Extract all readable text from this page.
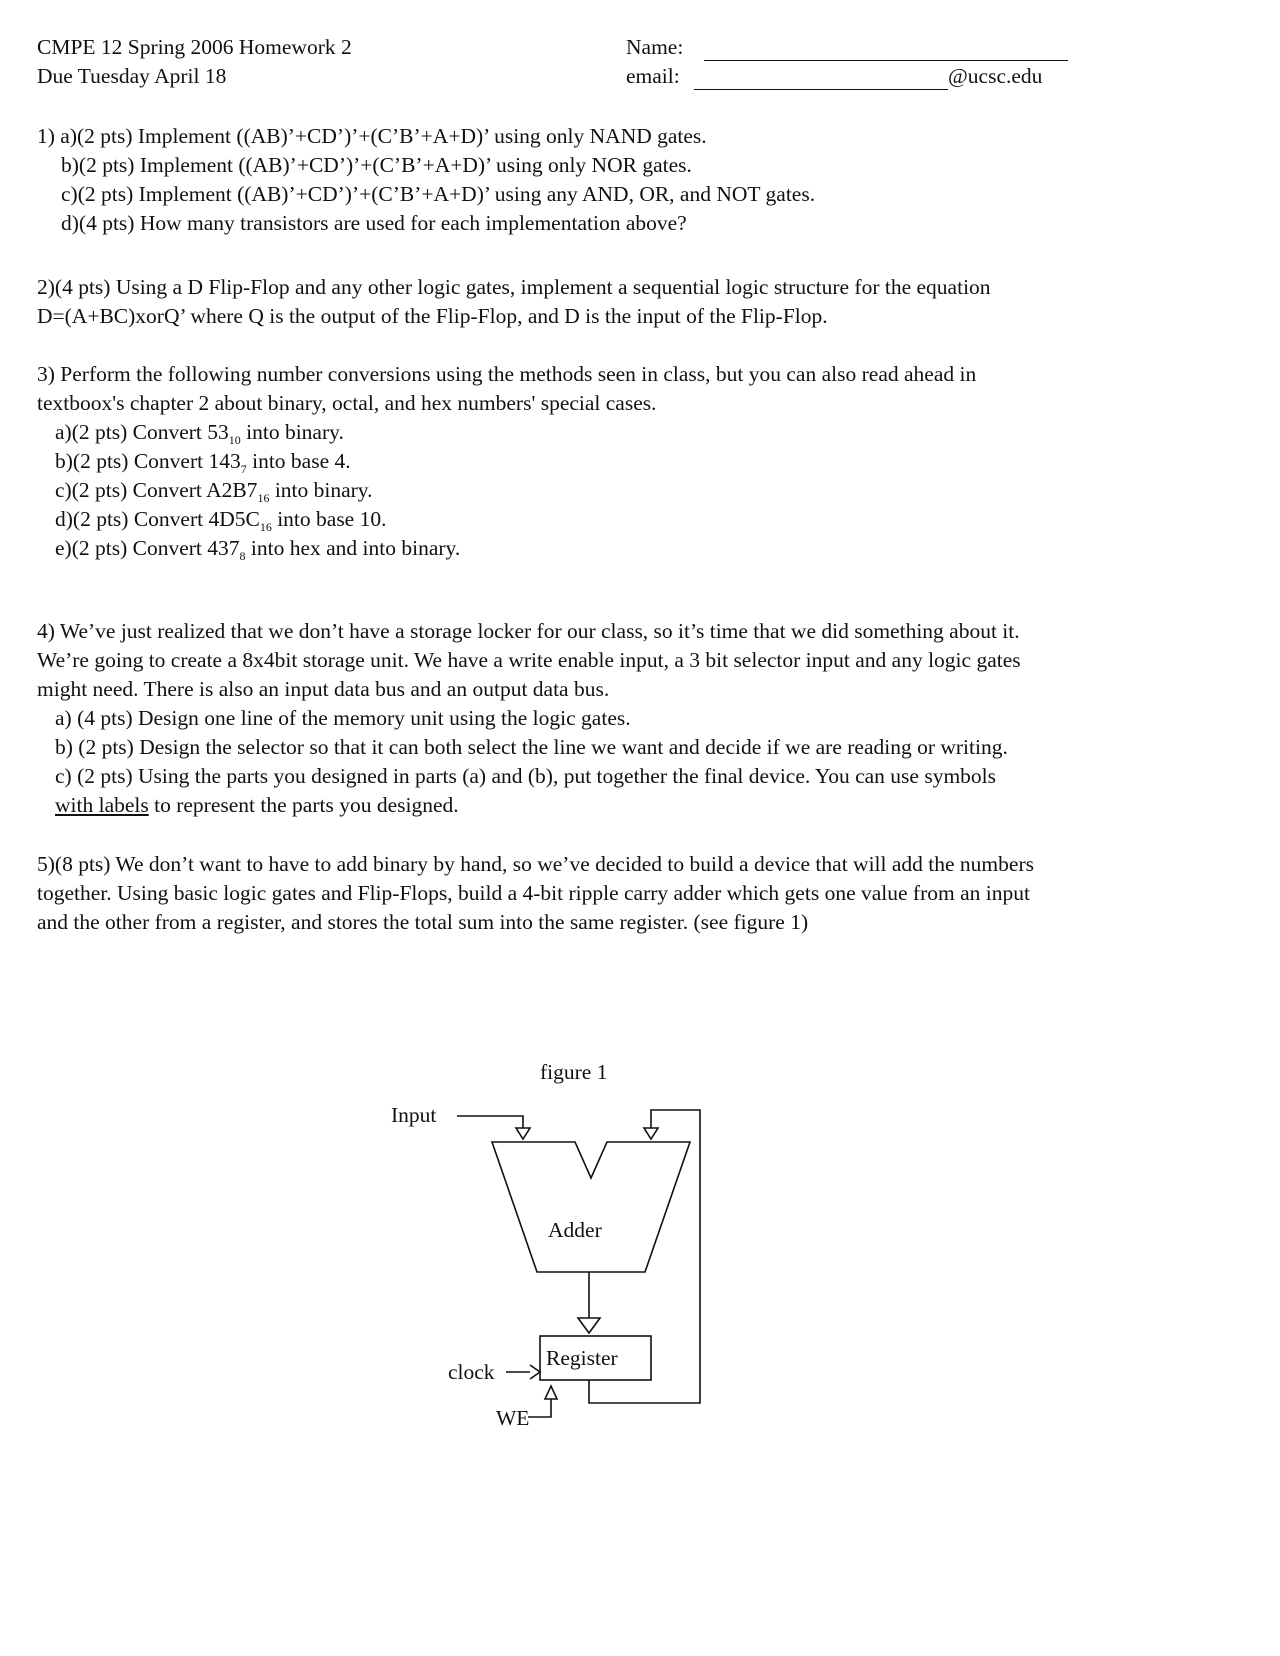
CMPE 12 Spring 2006 Homework 2
Due Tuesday April 18
Name:
email:	@ucsc.edu
1) a)(2 pts) Implement ((AB)’+CD’)’+(C’B’+A+D)’ using only NAND gates.
b)(2 pts) Implement ((AB)’+CD’)’+(C’B’+A+D)’ using only NOR gates.
c)(2 pts) Implement ((AB)’+CD’)’+(C’B’+A+D)’ using any AND, OR, and NOT gates.
d)(4 pts) How many transistors are used for each implementation above?
2)(4 pts) Using a D Flip-Flop and any other logic gates, implement a sequential logic structure for the equation
D=(A+BC)xorQ’ where Q is the output of the Flip-Flop, and D is the input of the Flip-Flop.
3) Perform the following number conversions using the methods seen in class, but you can also read ahead in
textboox's chapter 2 about binary, octal, and hex numbers' special cases.
a)(2 pts) Convert $53_{10}$ into binary.
b)(2 pts) Convert $143_7$ into base 4.
c)(2 pts) Convert $A2B7_{16}$ into binary.
d)(2 pts) Convert $4D5C_{16}$ into base 10.
e)(2 pts) Convert $437_8$ into hex and into binary.
4) We’ve just realized that we don’t have a storage locker for our class, so it’s time that we did something about it.
We’re going to create a 8x4bit storage unit. We have a write enable input, a 3 bit selector input and any logic gates
might need. There is also an input data bus and an output data bus.
a) (4 pts) Design one line of the memory unit using the logic gates.
b) (2 pts) Design the selector so that it can both select the line we want and decide if we are reading or writing.
c) (2 pts) Using the parts you designed in parts (a) and (b), put together the final device. You can use symbols
with labels to represent the parts you designed.
5)(8 pts) We don’t want to have to add binary by hand, so we’ve decided to build a device that will add the numbers
together. Using basic logic gates and Flip-Flops, build a 4-bit ripple carry adder which gets one value from an input
and the other from a register, and stores the total sum into the same register. (see figure 1)
figure 1
Input
Adder
Register
clock
WE
